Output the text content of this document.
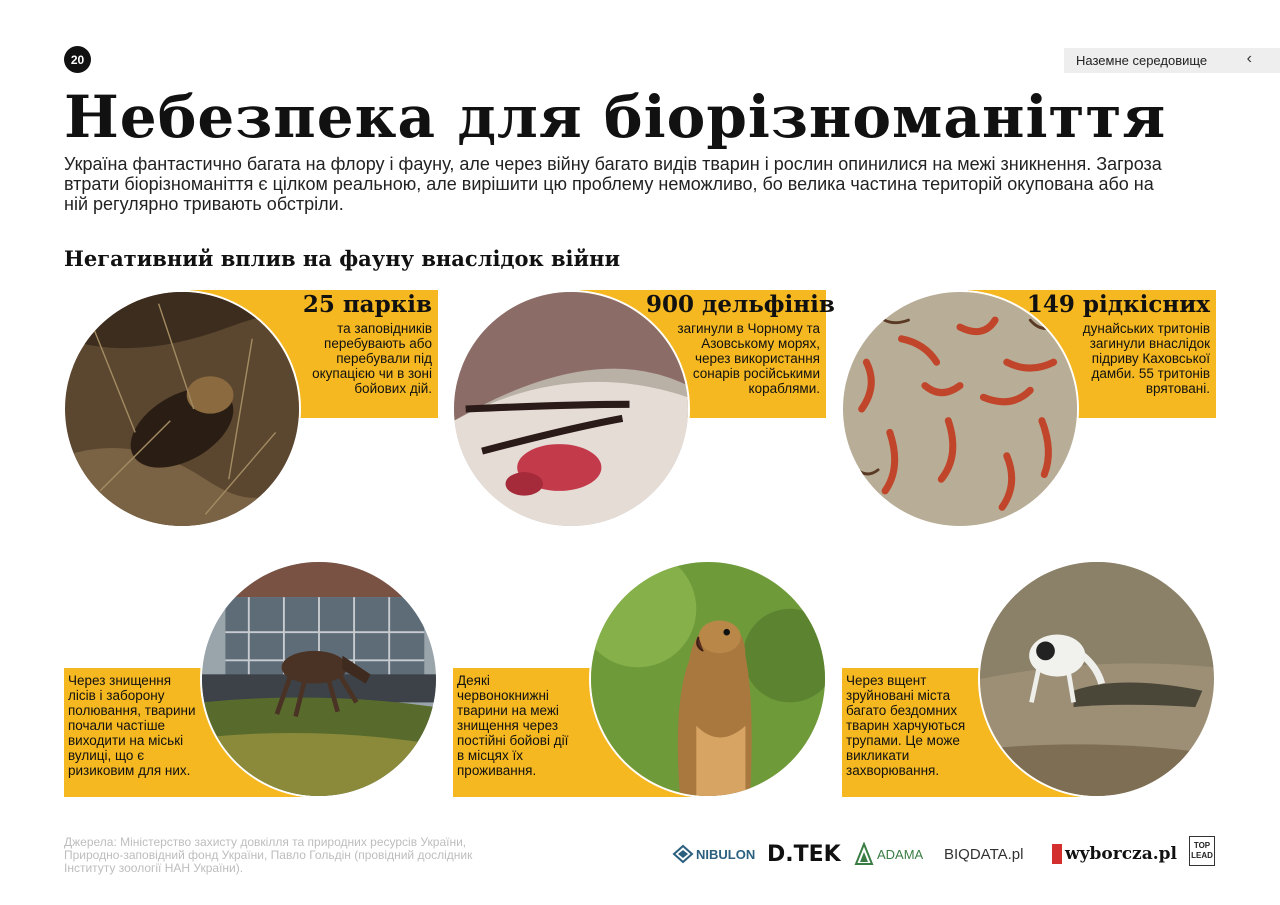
20	Наземне середовище ‹
Небезпека для біорізноманіття

Україна фантастично багата на флору і фауну, але через війну багато видів тварин і рослин опинилися на межі зникнення. Загроза втрати біорізноманіття є цілком реальною, але вирішити цю проблему неможливо, бо велика частина територій окупована або на ній регулярно тривають обстріли.

Негативний вплив на фауну внаслідок війни
25 парків
та заповідників перебувають або перебували під окупацією чи в зоні бойових дій.
900 дельфінів
загинули в Чорному та Азовському морях, через використання сонарів російськими кораблями.
149 рідкісних
дунайських тритонів загинули внаслідок підриву Каховської дамби. 55 тритонів врятовані.
Через знищення лісів і заборону полювання, тварини почали частіше виходити на міські вулиці, що є ризиковим для них.
Деякі червонокнижні тварини на межі знищення через постійні бойові дії в місцях їх проживання.
Через вщент зруйновані міста багато бездомних тварин харчуються трупами. Це може викликати захворювання.
Джерела: Міністерство захисту довкілля та природних ресурсів України,
Природно-заповідний фонд України, Павло Гольдін (провідний дослідник
Інституту зоології НАН України).
NIBULON D.TEK	ADAMA BIQDATA.pl wyborcza.pl TOP
LEAD
